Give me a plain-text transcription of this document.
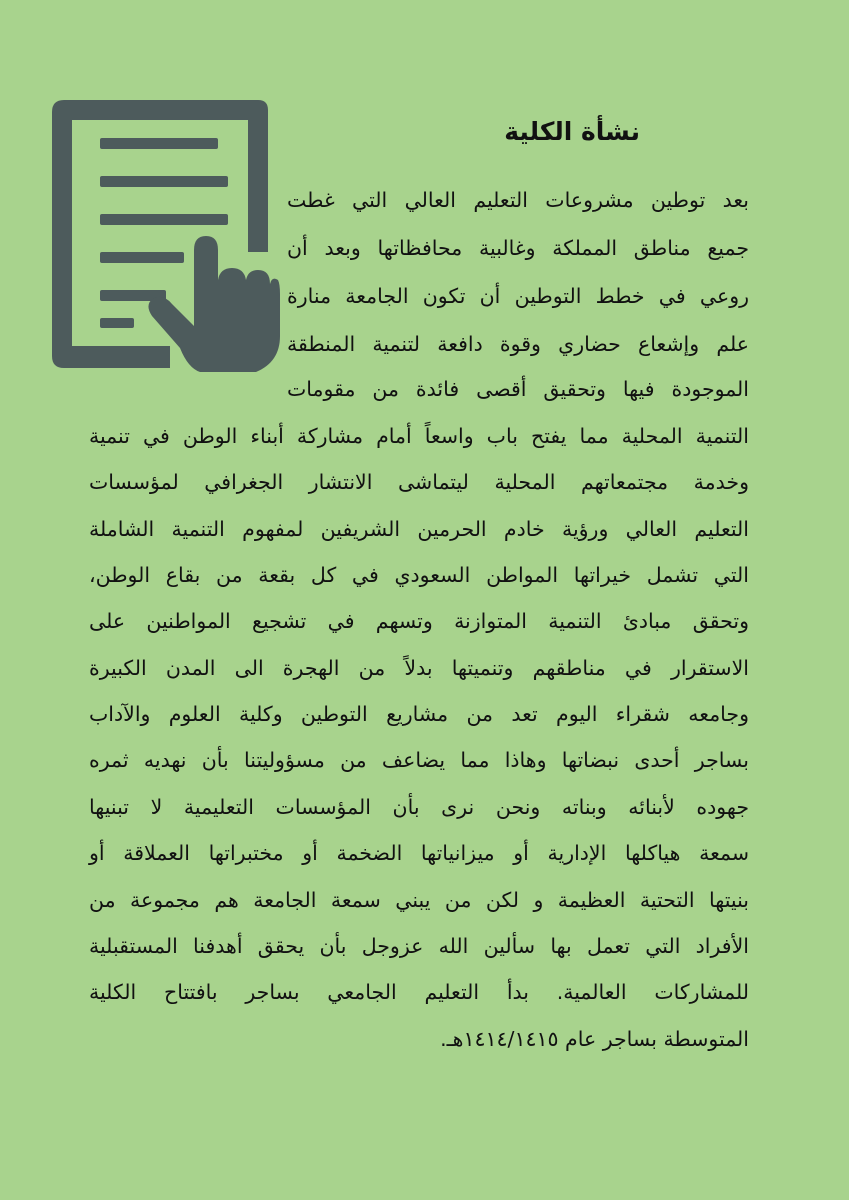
نشأة الكلية
بعد توطين مشروعات التعليم العالي التي غطت
جميع مناطق المملكة وغالبية محافظاتها وبعد أن
روعي في خطط التوطين أن تكون الجامعة منارة
علم وإشعاع حضاري وقوة دافعة لتنمية المنطقة
الموجودة فيها وتحقيق أقصى فائدة من مقومات
التنمية المحلية مما يفتح باب واسعاً أمام مشاركة أبناء الوطن في تنمية
وخدمة مجتمعاتهم المحلية ليتماشى الانتشار الجغرافي لمؤسسات
التعليم العالي ورؤية خادم الحرمين الشريفين لمفهوم التنمية الشاملة
التي تشمل خيراتها المواطن السعودي في كل بقعة من بقاع الوطن،
وتحقق مبادئ التنمية المتوازنة وتسهم في تشجيع المواطنين على
الاستقرار في مناطقهم وتنميتها بدلاً من الهجرة الى المدن الكبيرة
وجامعه شقراء اليوم تعد من مشاريع التوطين وكلية العلوم والآداب
بساجر أحدى نبضاتها وهاذا مما يضاعف من مسؤوليتنا بأن نهديه ثمره
جهوده لأبنائه وبناته ونحن نرى بأن المؤسسات التعليمية لا تبنيها
سمعة هياكلها الإدارية أو ميزانياتها الضخمة أو مختبراتها العملاقة أو
بنيتها التحتية العظيمة و لكن من يبني سمعة الجامعة هم مجموعة من
الأفراد التي تعمل بها سألين الله عزوجل بأن يحقق أهدفنا المستقبلية
للمشاركات العالمية. بدأ التعليم الجامعي بساجر بافتتاح الكلية
المتوسطة بساجر عام ١٤١٤/١٤١٥هـ.
